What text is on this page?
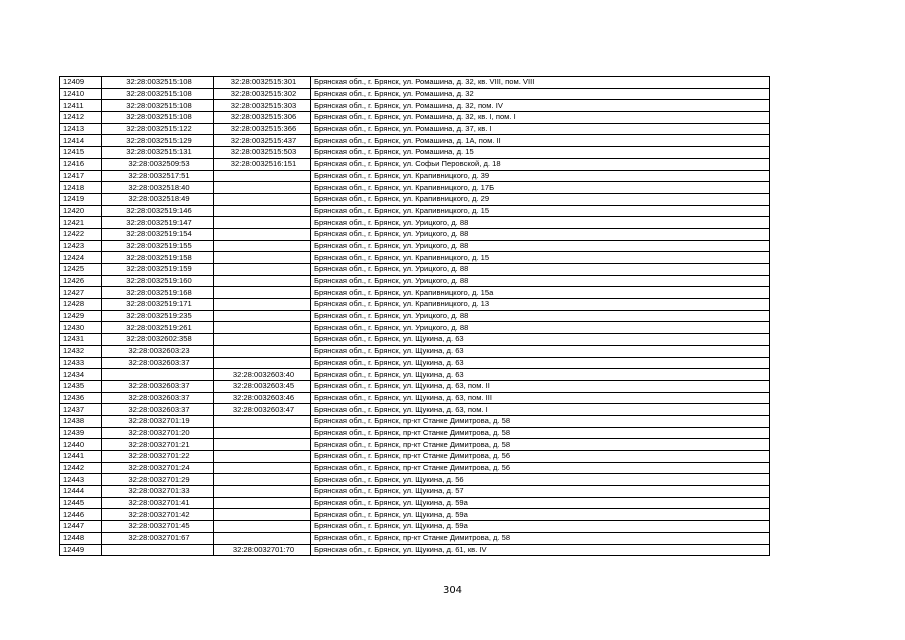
12409	32:28:0032515:108	32:28:0032515:301	Брянская обл., г. Брянск, ул. Ромашина, д. 32, кв. VIII, пом. VIII
12410	32:28:0032515:108	32:28:0032515:302	Брянская обл., г. Брянск, ул. Ромашина, д. 32
12411	32:28:0032515:108	32:28:0032515:303	Брянская обл., г. Брянск, ул. Ромашина, д. 32, пом. IV
12412	32:28:0032515:108	32:28:0032515:306	Брянская обл., г. Брянск, ул. Ромашина, д. 32, кв. I, пом. I
12413	32:28:0032515:122	32:28:0032515:366	Брянская обл., г. Брянск, ул. Ромашина, д. 37, кв. I
12414	32:28:0032515:129	32:28:0032515:437	Брянская обл., г. Брянск, ул. Ромашина, д. 1А, пом. II
12415	32:28:0032515:131	32:28:0032515:503	Брянская обл., г. Брянск, ул. Ромашина, д. 15
12416	32:28:0032509:53	32:28:0032516:151	Брянская обл., г. Брянск, ул. Софьи Перовской, д. 18
12417	32:28:0032517:51		Брянская обл., г. Брянск, ул. Крапивницкого, д. 39
12418	32:28:0032518:40		Брянская обл., г. Брянск, ул. Крапивницкого, д. 17Б
12419	32:28:0032518:49		Брянская обл., г. Брянск, ул. Крапивницкого, д. 29
12420	32:28:0032519:146		Брянская обл., г. Брянск, ул. Крапивницкого, д. 15
12421	32:28:0032519:147		Брянская обл., г. Брянск, ул. Урицкого, д. 88
12422	32:28:0032519:154		Брянская обл., г. Брянск, ул. Урицкого, д. 88
12423	32:28:0032519:155		Брянская обл., г. Брянск, ул. Урицкого, д. 88
12424	32:28:0032519:158		Брянская обл., г. Брянск, ул. Крапивницкого, д. 15
12425	32:28:0032519:159		Брянская обл., г. Брянск, ул. Урицкого, д. 88
12426	32:28:0032519:160		Брянская обл., г. Брянск, ул. Урицкого, д. 88
12427	32:28:0032519:168		Брянская обл., г. Брянск, ул. Крапивницкого, д. 15а
12428	32:28:0032519:171		Брянская обл., г. Брянск, ул. Крапивницкого, д. 13
12429	32:28:0032519:235		Брянская обл., г. Брянск, ул. Урицкого, д. 88
12430	32:28:0032519:261		Брянская обл., г. Брянск, ул. Урицкого, д. 88
12431	32:28:0032602:358		Брянская обл., г. Брянск, ул. Щукина, д. 63
12432	32:28:0032603:23		Брянская обл., г. Брянск, ул. Щукина, д. 63
12433	32:28:0032603:37		Брянская обл., г. Брянск, ул. Щукина, д. 63
12434		32:28:0032603:40	Брянская обл., г. Брянск, ул. Щукина, д. 63
12435	32:28:0032603:37	32:28:0032603:45	Брянская обл., г. Брянск, ул. Щукина, д. 63, пом. II
12436	32:28:0032603:37	32:28:0032603:46	Брянская обл., г. Брянск, ул. Щукина, д. 63, пом. III
12437	32:28:0032603:37	32:28:0032603:47	Брянская обл., г. Брянск, ул. Щукина, д. 63, пом. I
12438	32:28:0032701:19		Брянская обл., г. Брянск, пр-кт Станке Димитрова, д. 58
12439	32:28:0032701:20		Брянская обл., г. Брянск, пр-кт Станке Димитрова, д. 58
12440	32:28:0032701:21		Брянская обл., г. Брянск, пр-кт Станке Димитрова, д. 58
12441	32:28:0032701:22		Брянская обл., г. Брянск, пр-кт Станке Димитрова, д. 56
12442	32:28:0032701:24		Брянская обл., г. Брянск, пр-кт Станке Димитрова, д. 56
12443	32:28:0032701:29		Брянская обл., г. Брянск, ул. Щукина, д. 56
12444	32:28:0032701:33		Брянская обл., г. Брянск, ул. Щукина, д. 57
12445	32:28:0032701:41		Брянская обл., г. Брянск, ул. Щукина, д. 59а
12446	32:28:0032701:42		Брянская обл., г. Брянск, ул. Щукина, д. 59а
12447	32:28:0032701:45		Брянская обл., г. Брянск, ул. Щукина, д. 59а
12448	32:28:0032701:67		Брянская обл., г. Брянск, пр-кт Станке Димитрова, д. 58
12449		32:28:0032701:70	Брянская обл., г. Брянск, ул. Щукина, д. 61, кв. IV
304
